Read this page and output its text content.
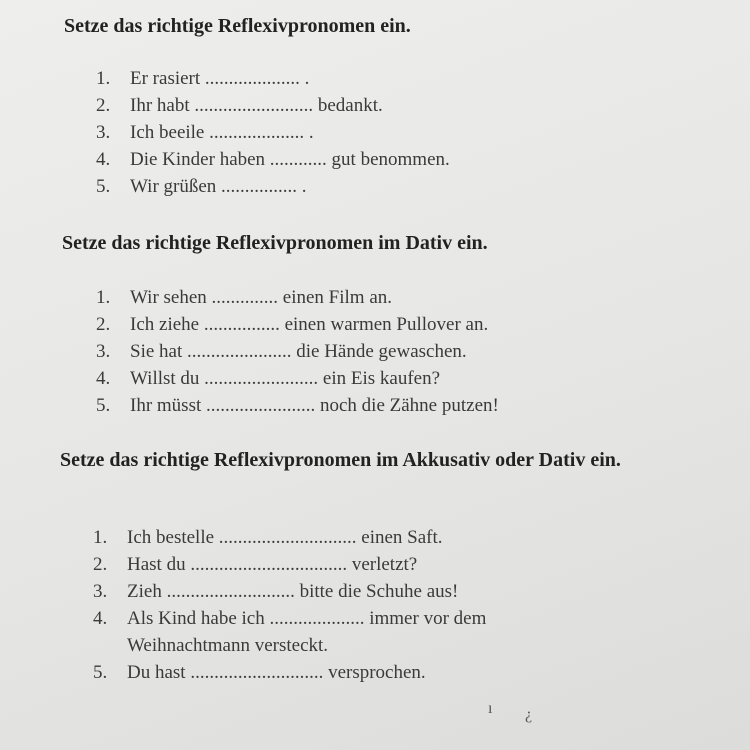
Setze das richtige Reflexivpronomen ein.
1. Er rasiert .................... .
2. Ihr habt ......................... bedankt.
3. Ich beeile .................... .
4. Die Kinder haben ............ gut benommen.
5. Wir grüßen ................ .
Setze das richtige Reflexivpronomen im Dativ ein.
1. Wir sehen .............. einen Film an.
2. Ich ziehe ................ einen warmen Pullover an.
3. Sie hat ...................... die Hände gewaschen.
4. Willst du ........................ ein Eis kaufen?
5. Ihr müsst ....................... noch die Zähne putzen!
Setze das richtige Reflexivpronomen im Akkusativ oder Dativ ein.
1. Ich bestelle ............................. einen Saft.
2. Hast du ................................. verletzt?
3. Zieh ........................... bitte die Schuhe aus!
4. Als Kind habe ich .................... immer vor dem
Weihnachtmann versteckt.
5. Du hast ............................ versprochen.
ı ¿
